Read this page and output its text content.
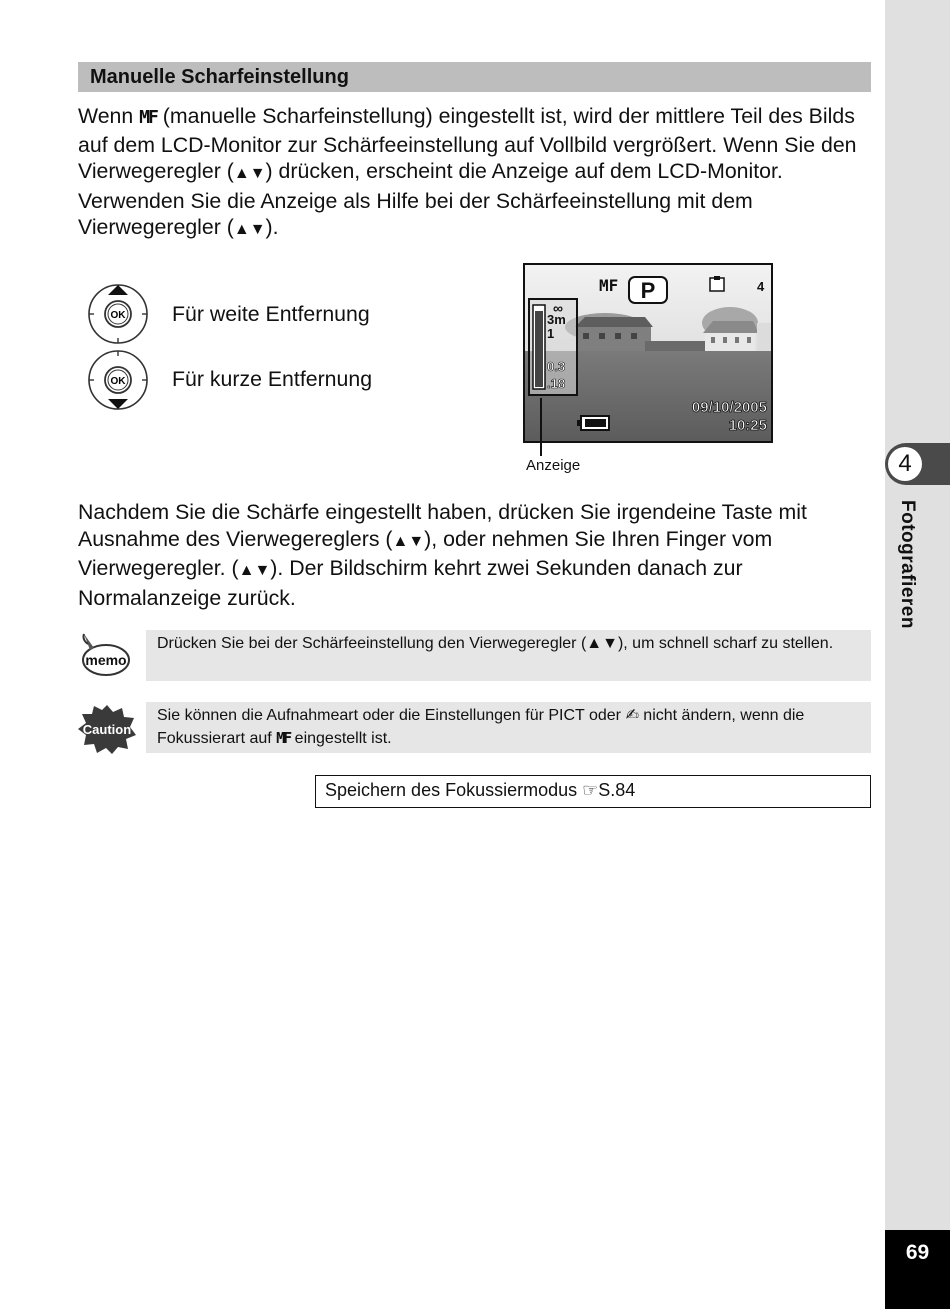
4
Fotografieren
69
Manuelle Scharfeinstellung

Wenn MF (manuelle Scharfeinstellung) eingestellt ist, wird der mittlere Teil des Bilds auf dem LCD-Monitor zur Schärfeeinstellung auf Vollbild vergrößert. Wenn Sie den Vierwegeregler (▲▼) drücken, erscheint die Anzeige auf dem LCD-Monitor. Verwenden Sie die Anzeige als Hilfe bei der Schärfeeinstellung mit dem Vierwegeregler (▲▼).

OK
OK
Für weite Entfernung
Für kurze Entfernung
∞
3m
1
0.3
.18
MF P	4
09/10/2005
10:25
Anzeige

Nachdem Sie die Schärfe eingestellt haben, drücken Sie irgendeine Taste mit Ausnahme des Vierwegereglers (▲▼), oder nehmen Sie Ihren Finger vom Vierwegeregler. (▲▼). Der Bildschirm kehrt zwei Sekunden danach zur Normalanzeige zurück.

memo
Drücken Sie bei der Schärfeeinstellung den Vierwegeregler (▲▼), um schnell scharf zu stellen.
Caution
Sie können die Aufnahmeart oder die Einstellungen für PICT oder ✍ nicht ändern, wenn die Fokussierart auf MF eingestellt ist.
Speichern des Fokussiermodus ☞S.84
